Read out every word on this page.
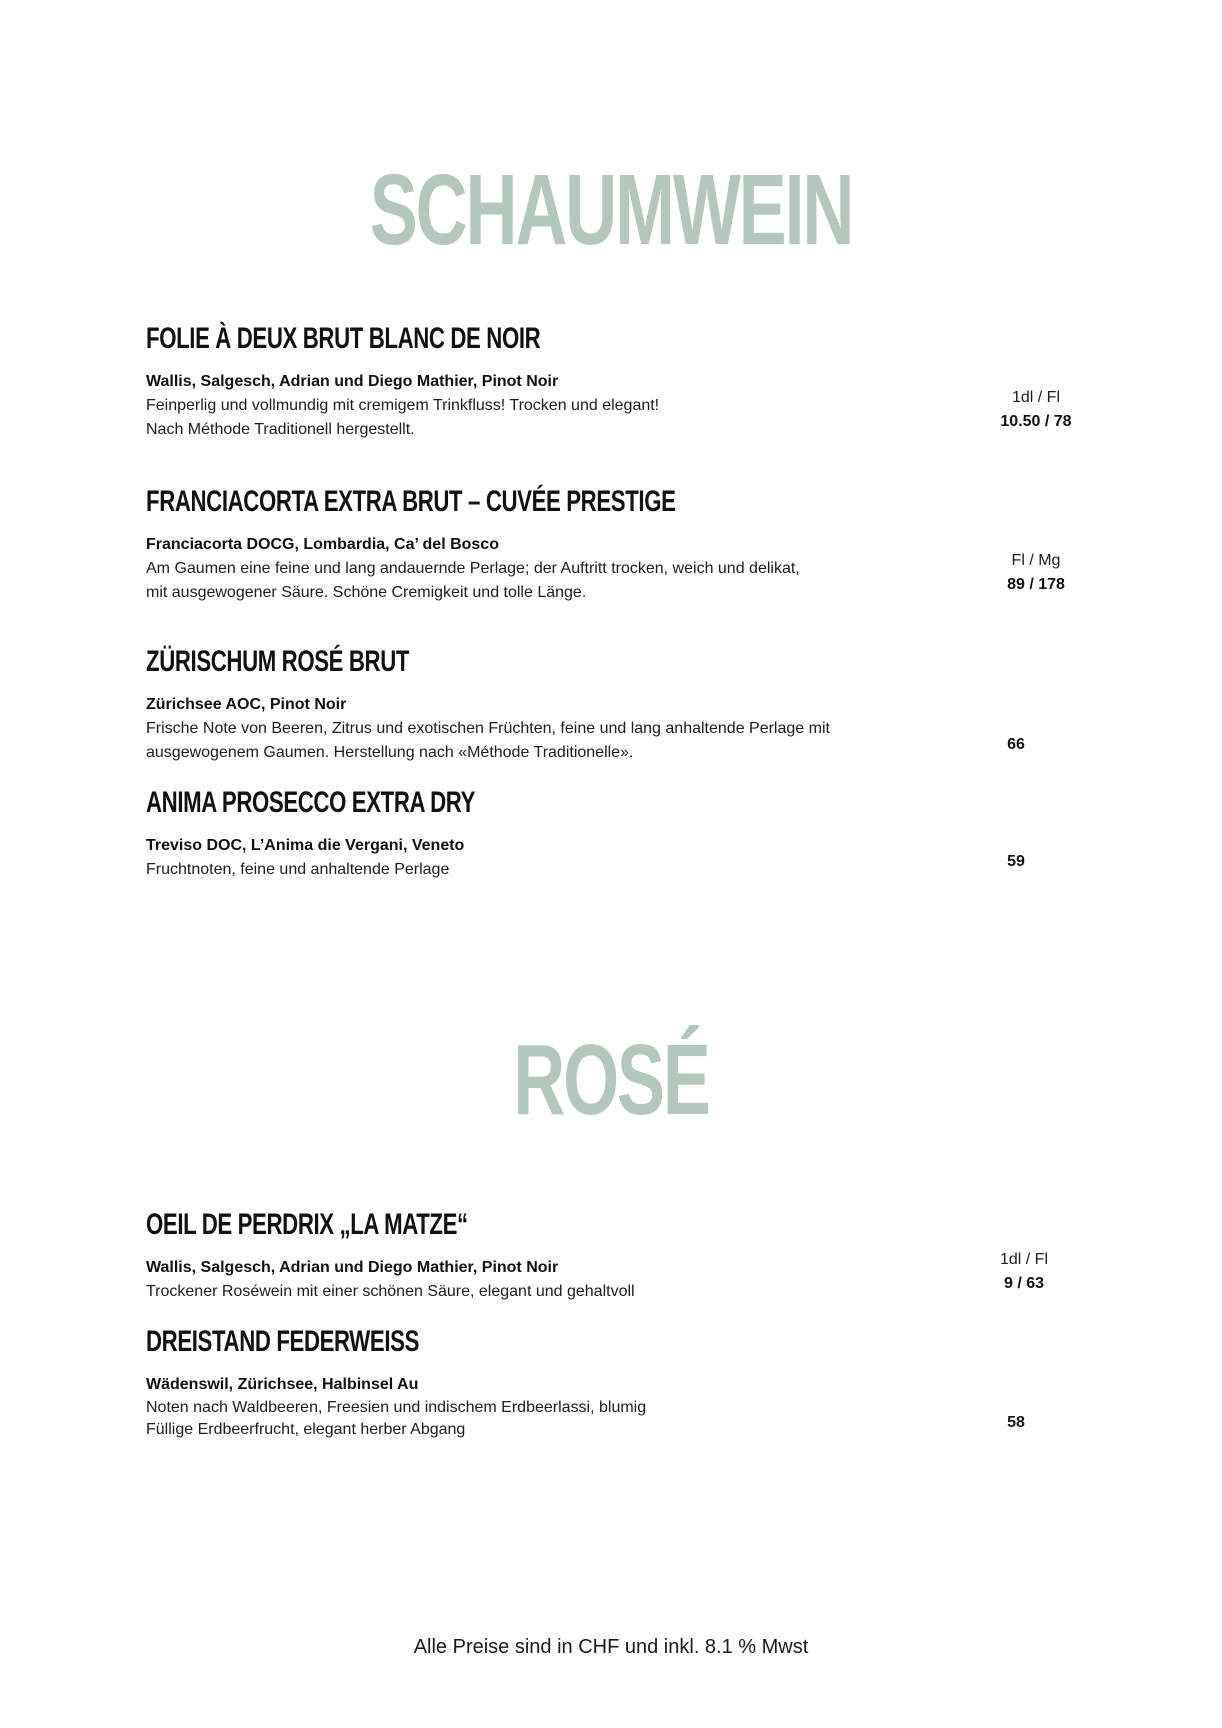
SCHAUMWEIN
FOLIE À DEUX BRUT BLANC DE NOIR
Wallis, Salgesch, Adrian und Diego Mathier, Pinot Noir
Feinperlig und vollmundig mit cremigem Trinkfluss! Trocken und elegant!
Nach Méthode Traditionell hergestellt.
1dl / Fl
10.50 / 78
FRANCIACORTA EXTRA BRUT – CUVÉE PRESTIGE
Franciacorta DOCG, Lombardia, Ca’ del Bosco
Am Gaumen eine feine und lang andauernde Perlage; der Auftritt trocken, weich und delikat,
mit ausgewogener Säure. Schöne Cremigkeit und tolle Länge.
Fl / Mg
89 / 178
ZÜRISCHUM ROSÉ BRUT
Zürichsee AOC, Pinot Noir
Frische Note von Beeren, Zitrus und exotischen Früchten, feine und lang anhaltende Perlage mit
ausgewogenem Gaumen. Herstellung nach «Méthode Traditionelle».	66
ANIMA PROSECCO EXTRA DRY
Treviso DOC, L’Anima die Vergani, Veneto
Fruchtnoten, feine und anhaltende Perlage	59
ROSÉ
OEIL DE PERDRIX „LA MATZE“
Wallis, Salgesch, Adrian und Diego Mathier, Pinot Noir
Trockener Roséwein mit einer schönen Säure, elegant und gehaltvoll
1dl / Fl
9 / 63
DREISTAND FEDERWEISS
Wädenswil, Zürichsee, Halbinsel Au
Noten nach Waldbeeren, Freesien und indischem Erdbeerlassi, blumig
Füllige Erdbeerfrucht, elegant herber Abgang	58
Alle Preise sind in CHF und inkl. 8.1 % Mwst
